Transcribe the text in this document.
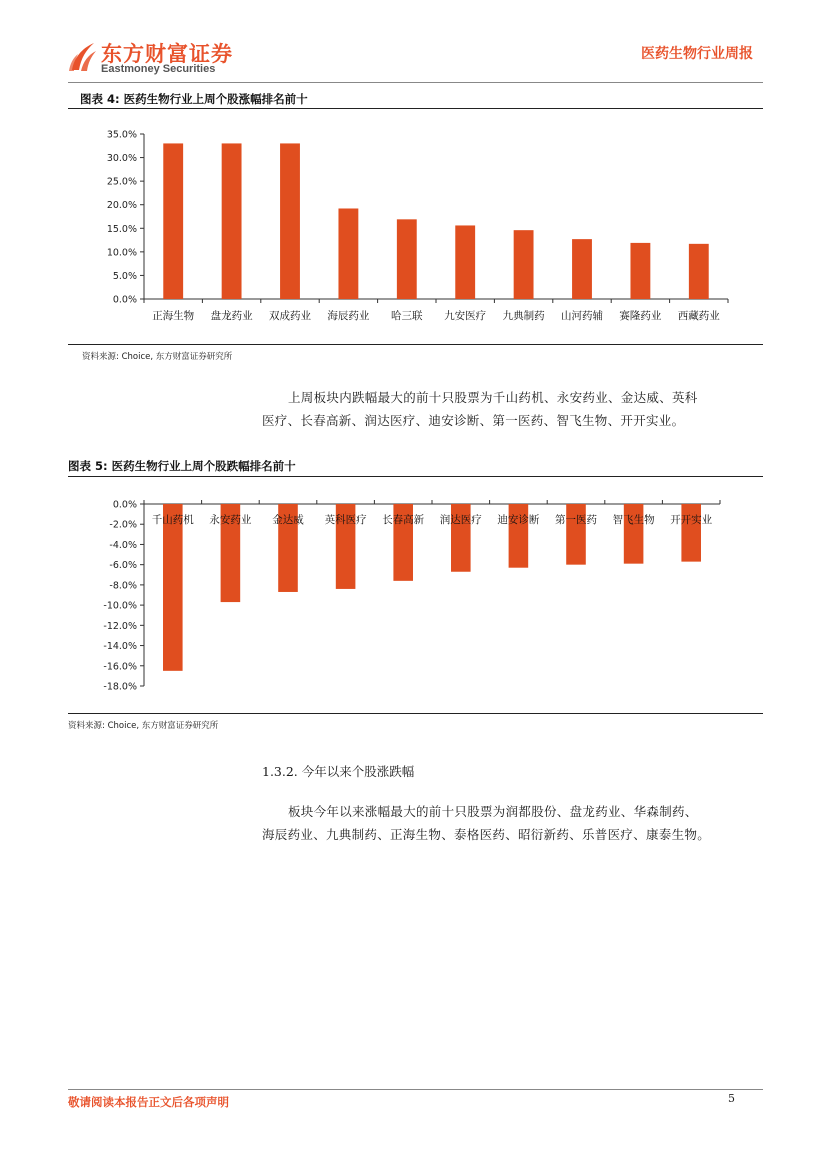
东方财富证券
Eastmoney Securities
医药生物行业周报
图表 4: 医药生物行业上周个股涨幅排名前十
0.0%
5.0%
10.0%
15.0%
20.0%
25.0%
30.0%
35.0%
正海生物 盘龙药业 双成药业 海辰药业 哈三联 九安医疗 九典制药 山河药辅 赛隆药业 西藏药业
资料来源: Choice, 东方财富证券研究所
上周板块内跌幅最大的前十只股票为千山药机、永安药业、金达威、英科
医疗、长春高新、润达医疗、迪安诊断、第一医药、智飞生物、开开实业。
图表 5: 医药生物行业上周个股跌幅排名前十
0.0%
-2.0%
-4.0%
-6.0%
-8.0%
-10.0%
-12.0%
-14.0%
-16.0%
-18.0%
千山药机 永安药业 金达威 英科医疗 长春高新 润达医疗 迪安诊断 第一医药 智飞生物 开开实业
资料来源: Choice, 东方财富证券研究所
1.3.2. 今年以来个股涨跌幅
板块今年以来涨幅最大的前十只股票为润都股份、盘龙药业、华森制药、
海辰药业、九典制药、正海生物、泰格医药、昭衍新药、乐普医疗、康泰生物。
敬请阅读本报告正文后各项声明	5
